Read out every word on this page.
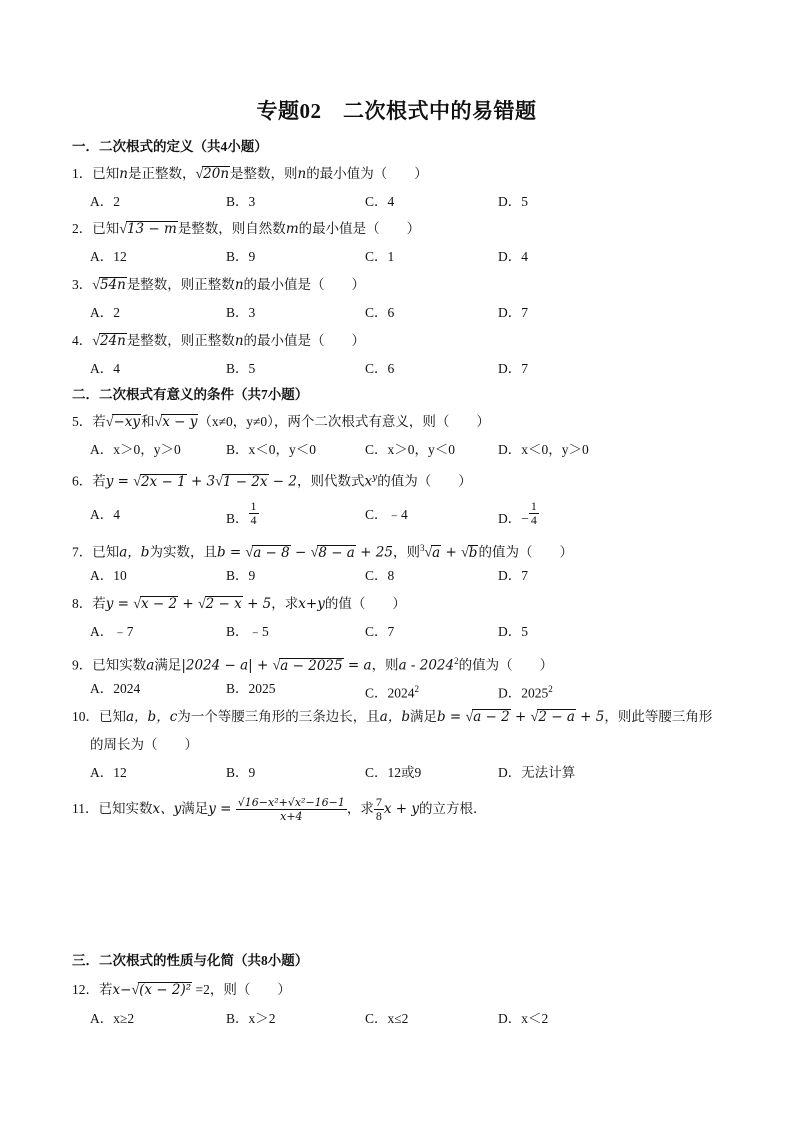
专题02　二次根式中的易错题
一．二次根式的定义（共4小题）
1．已知n是正整数，√20n是整数，则n的最小值为（　　）
A．2	B．3	C．4	D．5
2．已知√13 − m是整数，则自然数m的最小值是（　　）
A．12	B．9	C．1	D．4
3．√54n是整数，则正整数n的最小值是（　　）
A．2	B．3	C．6	D．7
4．√24n是整数，则正整数n的最小值是（　　）
A．4	B．5	C．6	D．7
二．二次根式有意义的条件（共7小题）
5．若√−xy和√x − y（x≠0，y≠0），两个二次根式有意义，则（　　）
A．x＞0，y＞0	B．x＜0，y＜0	C．x＞0，y＜0	D．x＜0，y＞0
6．若y = √2x − 1 + 3√1 − 2x − 2，则代数式$x^y$的值为（　　）
A．4	B． $\frac{1}{4}$	C．﹣4	D．− $\frac{1}{4}$
7．已知a，b为实数，且b = √a − 8 − √8 − a + 25，则$^3$√a + √b的值为（　　）
A．10	B．9	C．8	D．7
8．若y = √x − 2 + √2 − x + 5，求x+y的值（　　）
A．﹣7	B．﹣5	C．7	D．5
9．已知实数a满足|2024 − a| + √a − 2025 = a，则a - 2024$^2$的值为（　　）
A．2024	B．2025	C．2024$^2$	D．2025$^2$
10．已知a，b，c为一个等腰三角形的三条边长，且a，b满足b = √a − 2 + √2 − a + 5，则此等腰三角形
的周长为（　　）
A．12	B．9	C．12或9	D．无法计算
11．已知实数x、y满足$y = \frac{\text{√16−x²+√x²−16−1}}{x+4}$ ，求 $\frac{7}{8}$ x + y的立方根．
三．二次根式的性质与化简（共8小题）
12．若x−√(x − 2)² =2，则（　　）
A．x≥2	B．x＞2	C．x≤2	D．x＜2
